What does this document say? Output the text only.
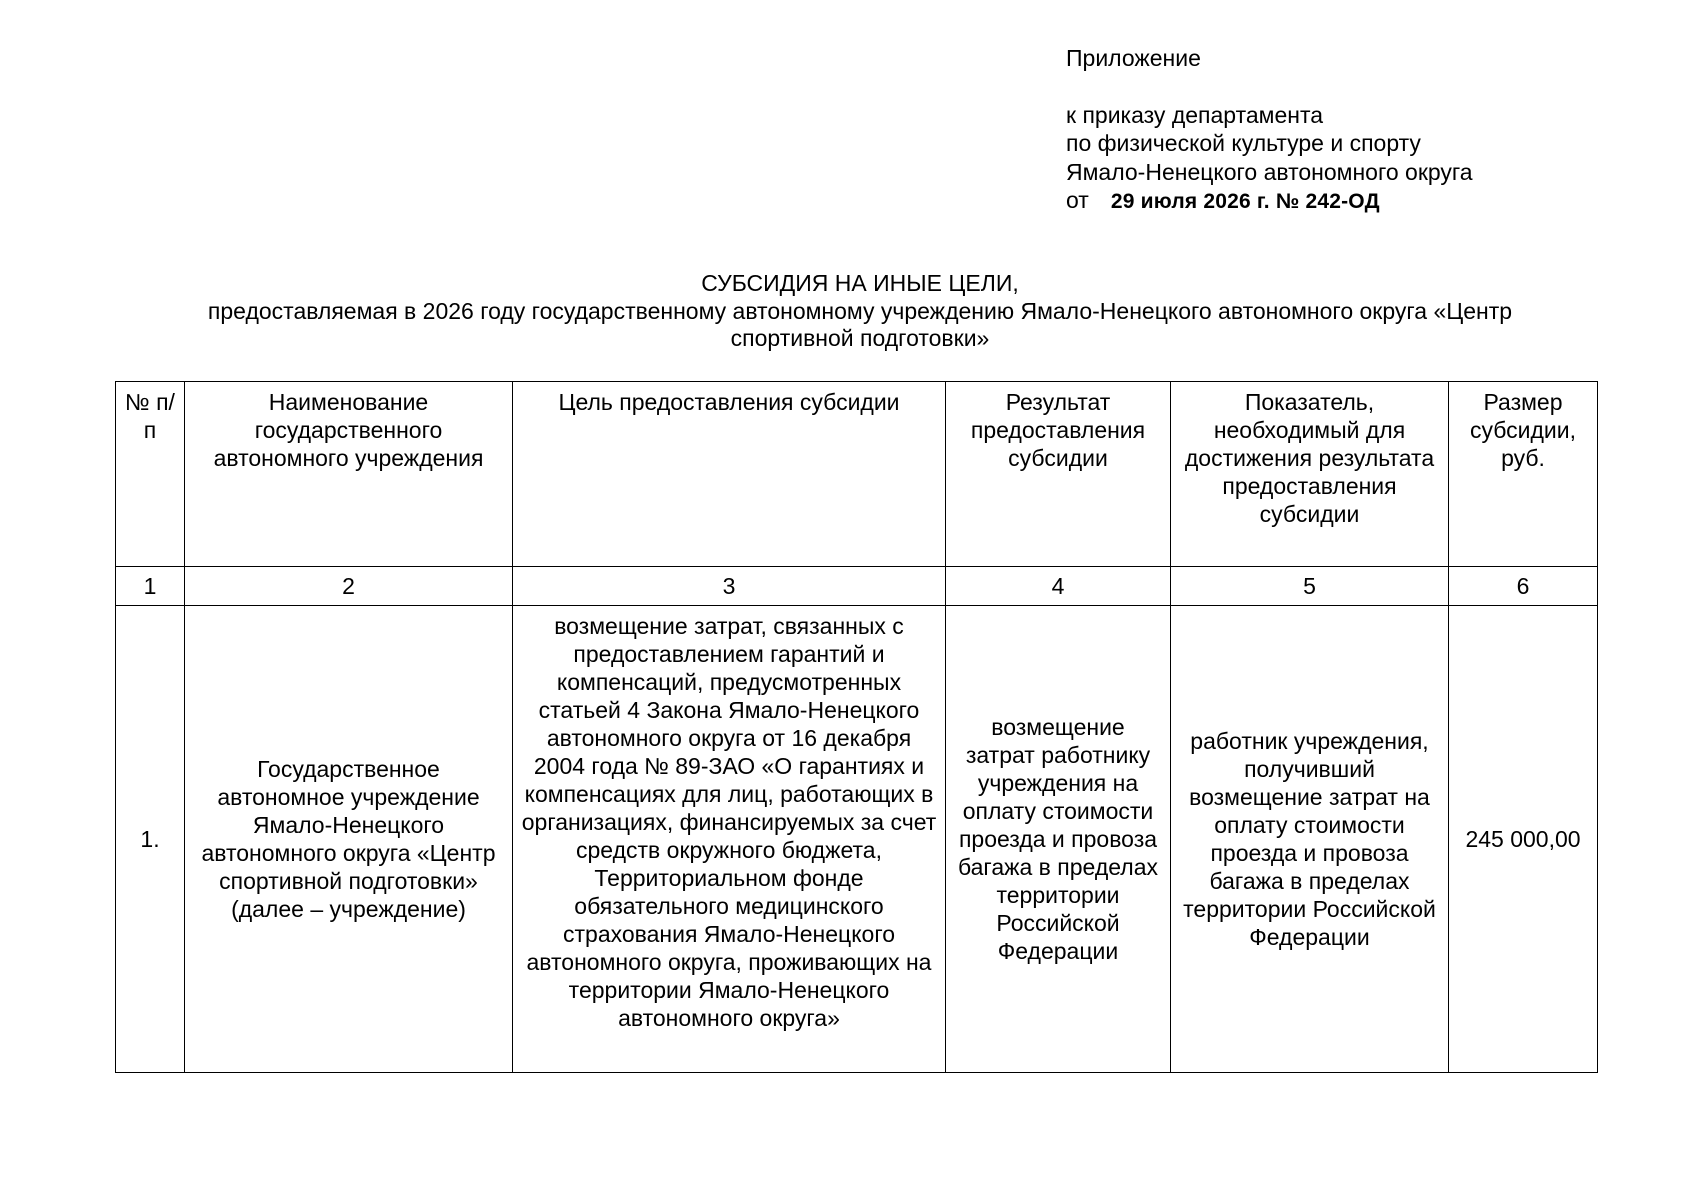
Приложение
к приказу департамента
по физической культуре и спорту
Ямало-Ненецкого автономного округа
от 29 июля 2026 г. № 242-ОД
СУБСИДИЯ НА ИНЫЕ ЦЕЛИ,
предоставляемая в 2026 году государственному автономному учреждению Ямало-Ненецкого автономного округа «Центр спортивной подготовки»
№ п/п	Наименование государственного автономного учреждения	Цель предоставления субсидии	Результат предоставления субсидии	Показатель, необходимый для достижения результата предоставления субсидии	Размер субсидии, руб.
1	2	3	4	5	6
1.	Государственное автономное учреждение Ямало-Ненецкого автономного округа «Центр спортивной подготовки» (далее – учреждение)	возмещение затрат, связанных с предоставлением гарантий и компенсаций, предусмотренных статьей 4 Закона Ямало-Ненецкого автономного округа от 16 декабря 2004 года № 89-ЗАО «О гарантиях и компенсациях для лиц, работающих в организациях, финансируемых за счет средств окружного бюджета, Территориальном фонде обязательного медицинского страхования Ямало-Ненецкого автономного округа, проживающих на территории Ямало-Ненецкого автономного округа»	возмещение затрат работнику учреждения на оплату стоимости проезда и провоза багажа в пределах территории Российской Федерации	работник учреждения, получивший возмещение затрат на оплату стоимости проезда и провоза багажа в пределах территории Российской Федерации	245 000,00
